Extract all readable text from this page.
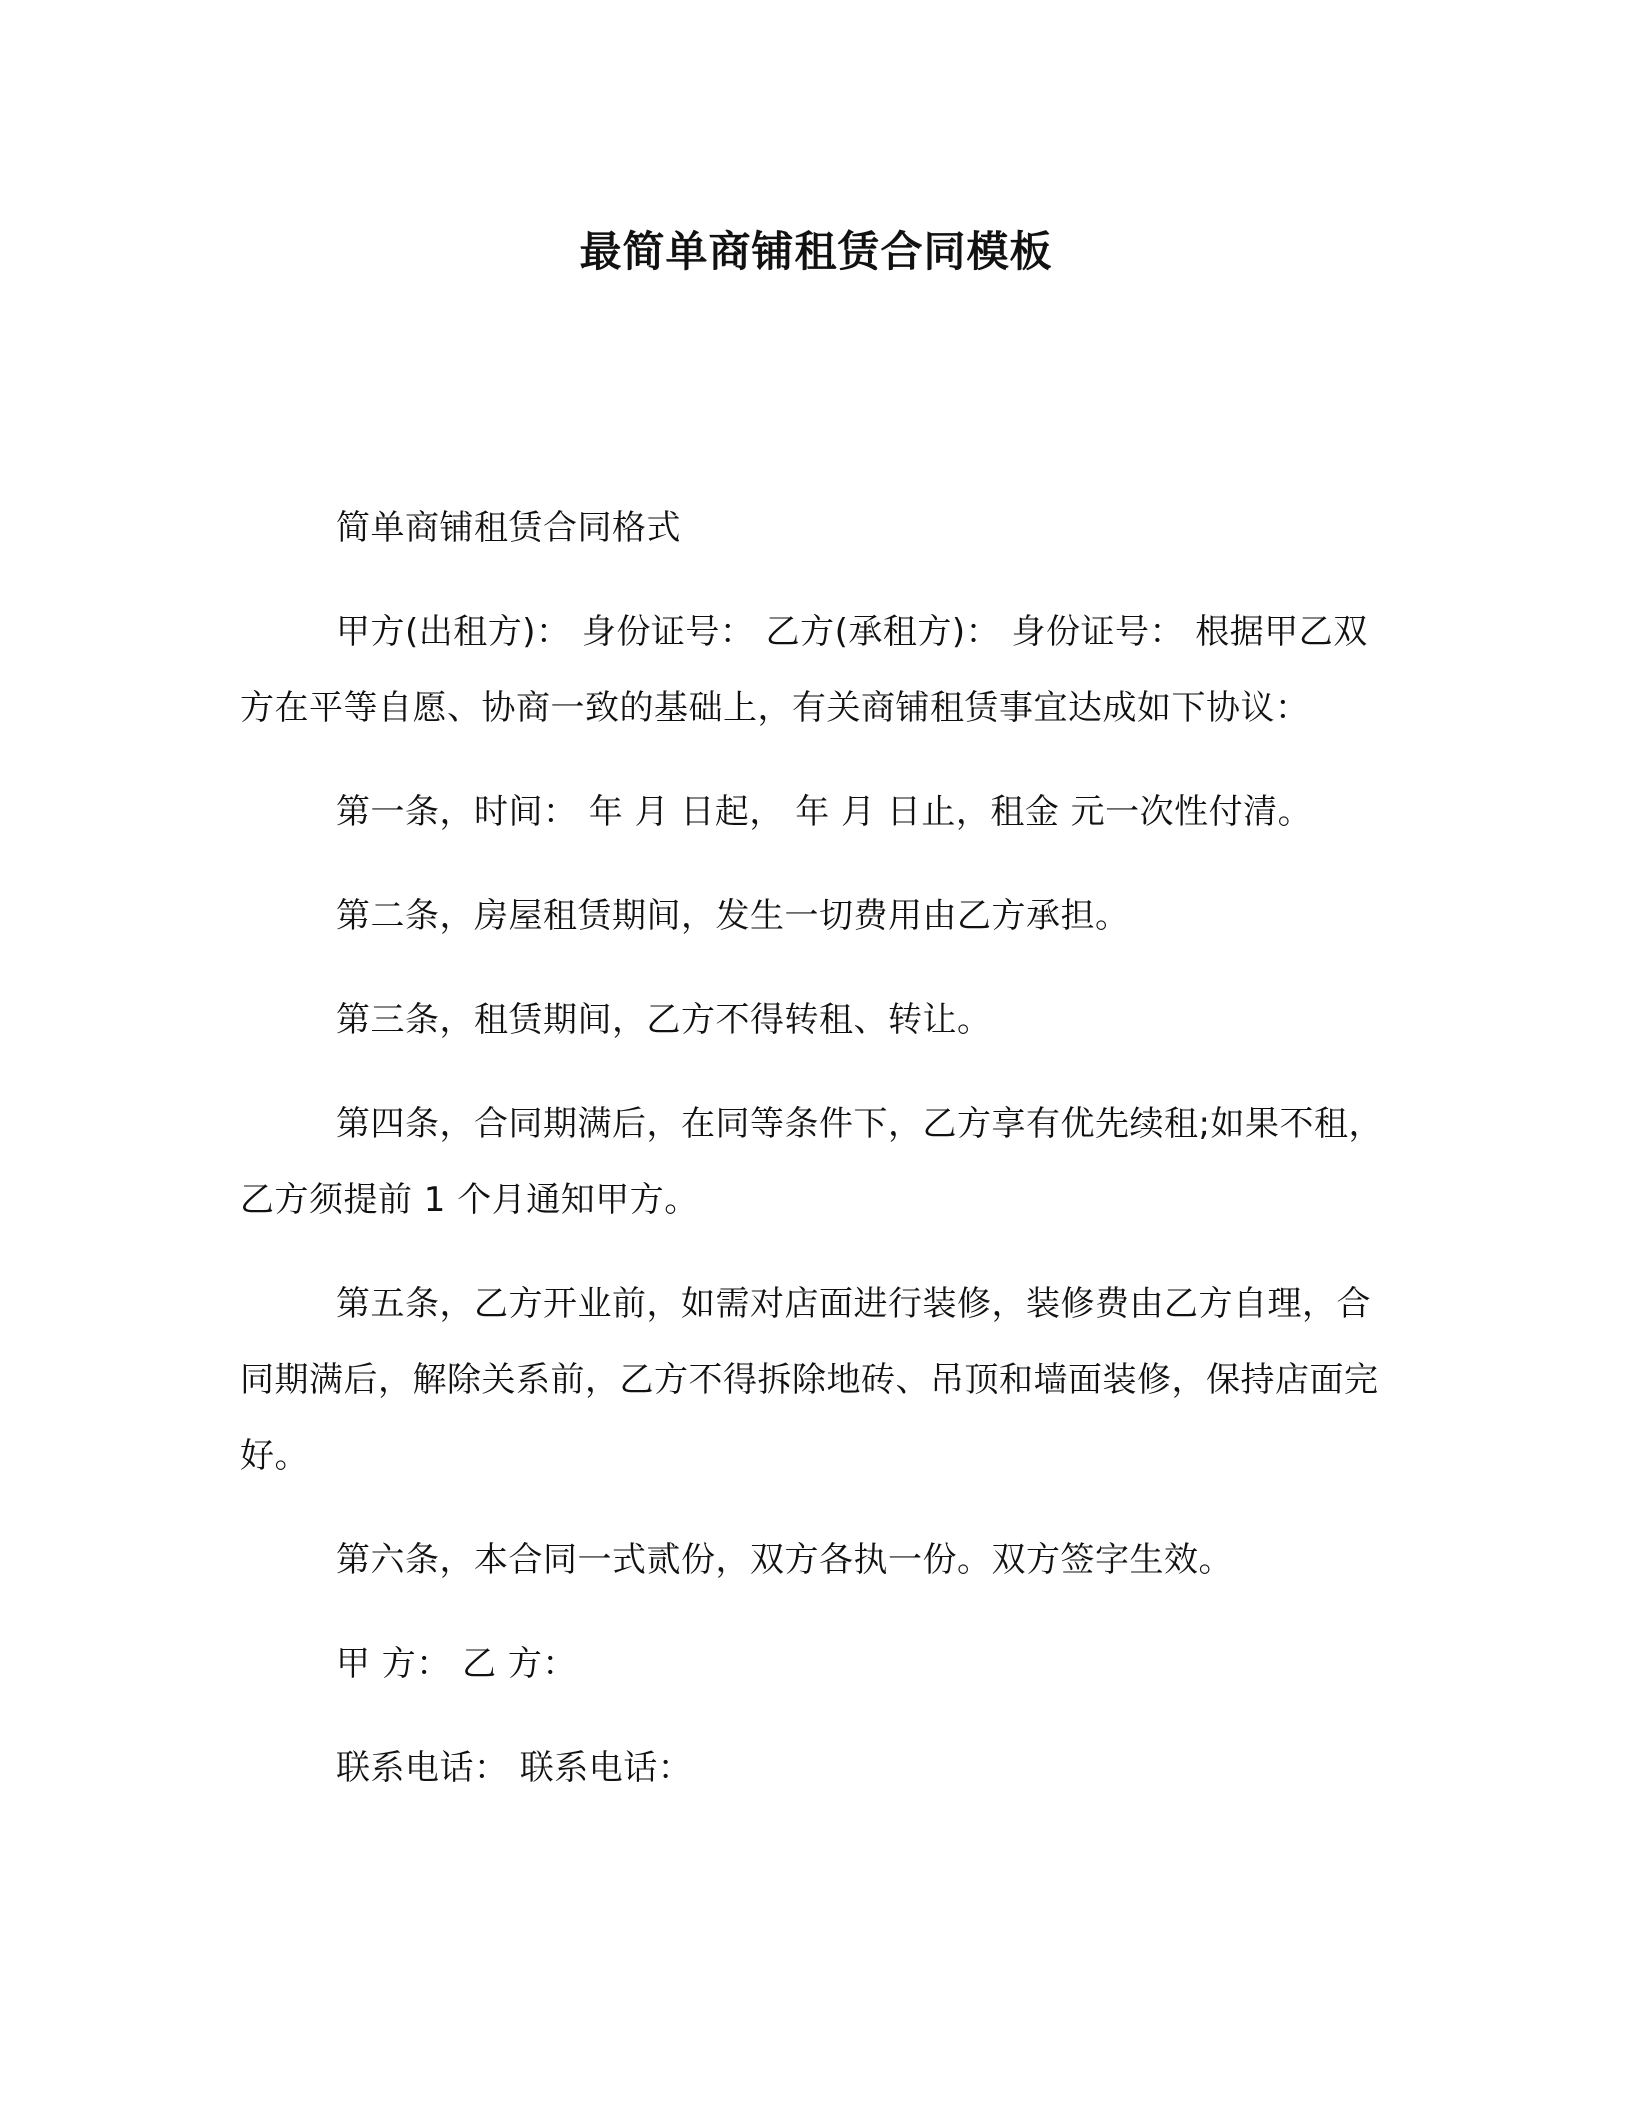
最简单商铺租赁合同模板

简单商铺租赁合同格式

甲方(出租方)： 身份证号： 乙方(承租方)： 身份证号： 根据甲乙双方在平等自愿、协商一致的基础上，有关商铺租赁事宜达成如下协议：

第一条，时间： 年 月 日起， 年 月 日止，租金 元一次性付清。

第二条，房屋租赁期间，发生一切费用由乙方承担。

第三条，租赁期间，乙方不得转租、转让。

第四条，合同期满后，在同等条件下，乙方享有优先续租;如果不租，乙方须提前 1 个月通知甲方。

第五条，乙方开业前，如需对店面进行装修，装修费由乙方自理，合同期满后，解除关系前，乙方不得拆除地砖、吊顶和墙面装修，保持店面完好。

第六条，本合同一式贰份，双方各执一份。双方签字生效。

甲 方： 乙 方：

联系电话： 联系电话：
